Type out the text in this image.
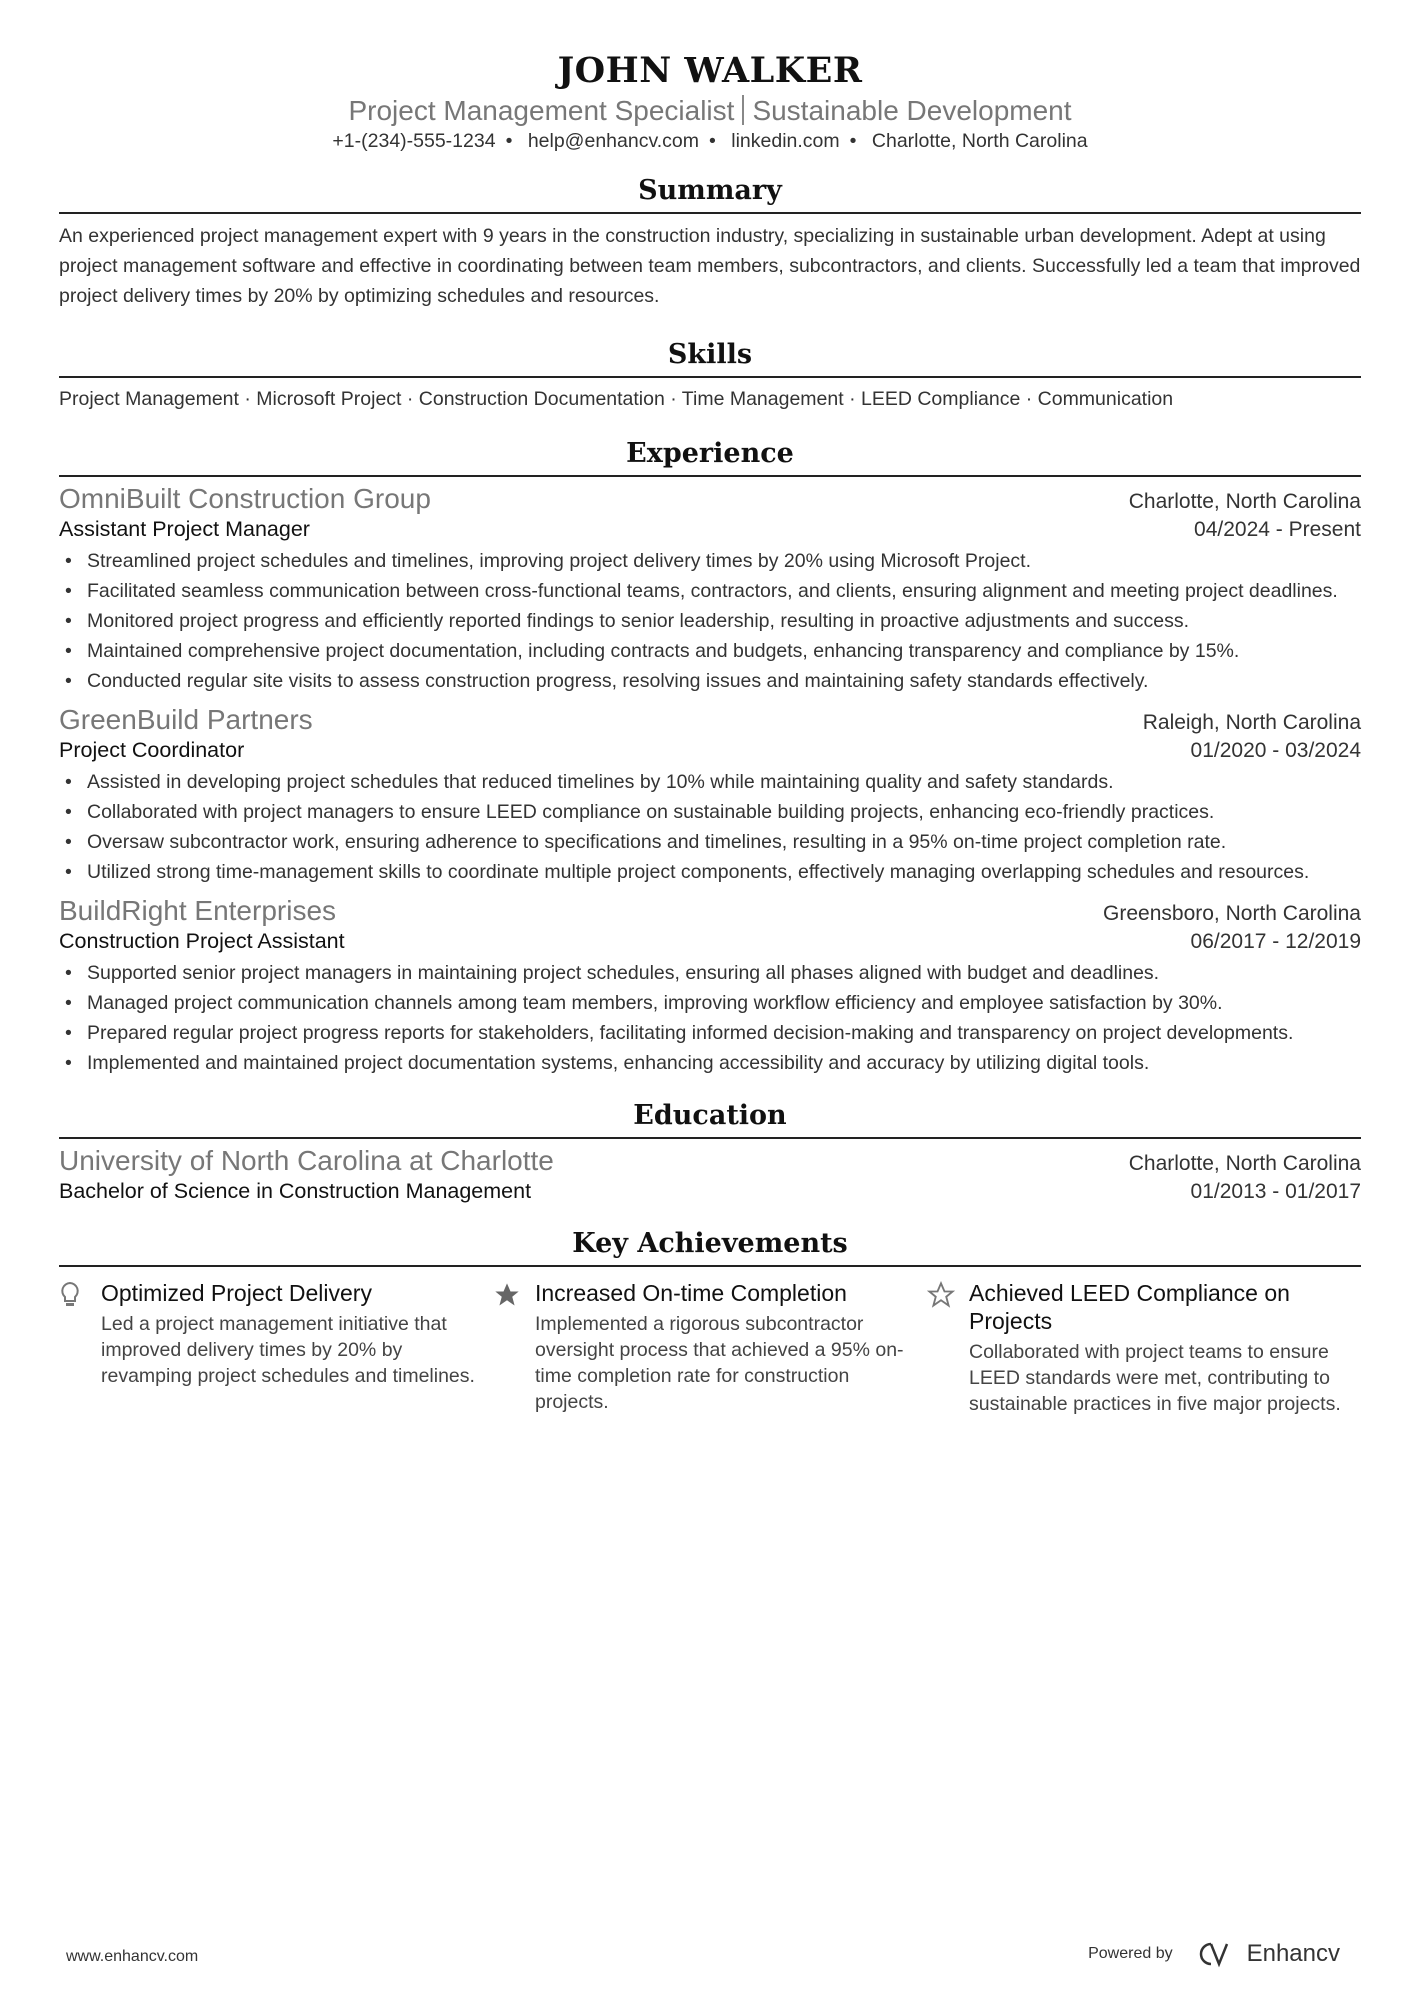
JOHN WALKER
Project Management Specialist Sustainable Development
+1-(234)-555-1234 • help@enhancv.com • linkedin.com • Charlotte, North Carolina
Summary
An experienced project management expert with 9 years in the construction industry, specializing in sustainable urban development. Adept at using project management software and effective in coordinating between team members, subcontractors, and clients. Successfully led a team that improved project delivery times by 20% by optimizing schedules and resources.
Skills
Project Management · Microsoft Project · Construction Documentation · Time Management · LEED Compliance · Communication
Experience
OmniBuilt Construction Group	Charlotte, North Carolina
Assistant Project Manager	04/2024 - Present
• Streamlined project schedules and timelines, improving project delivery times by 20% using Microsoft Project.
• Facilitated seamless communication between cross-functional teams, contractors, and clients, ensuring alignment and meeting project deadlines.
• Monitored project progress and efficiently reported findings to senior leadership, resulting in proactive adjustments and success.
• Maintained comprehensive project documentation, including contracts and budgets, enhancing transparency and compliance by 15%.
• Conducted regular site visits to assess construction progress, resolving issues and maintaining safety standards effectively.
GreenBuild Partners	Raleigh, North Carolina
Project Coordinator	01/2020 - 03/2024
• Assisted in developing project schedules that reduced timelines by 10% while maintaining quality and safety standards.
• Collaborated with project managers to ensure LEED compliance on sustainable building projects, enhancing eco-friendly practices.
• Oversaw subcontractor work, ensuring adherence to specifications and timelines, resulting in a 95% on-time project completion rate.
• Utilized strong time-management skills to coordinate multiple project components, effectively managing overlapping schedules and resources.
BuildRight Enterprises	Greensboro, North Carolina
Construction Project Assistant	06/2017 - 12/2019
• Supported senior project managers in maintaining project schedules, ensuring all phases aligned with budget and deadlines.
• Managed project communication channels among team members, improving workflow efficiency and employee satisfaction by 30%.
• Prepared regular project progress reports for stakeholders, facilitating informed decision-making and transparency on project developments.
• Implemented and maintained project documentation systems, enhancing accessibility and accuracy by utilizing digital tools.
Education
University of North Carolina at Charlotte	Charlotte, North Carolina
Bachelor of Science in Construction Management	01/2013 - 01/2017
Key Achievements
Optimized Project Delivery
Led a project management initiative that improved delivery times by 20% by revamping project schedules and timelines.
Increased On-time Completion
Implemented a rigorous subcontractor oversight process that achieved a 95% on-time completion rate for construction projects.
Achieved LEED Compliance on Projects
Collaborated with project teams to ensure LEED standards were met, contributing to sustainable practices in five major projects.
www.enhancv.com	Powered by	Enhancv
